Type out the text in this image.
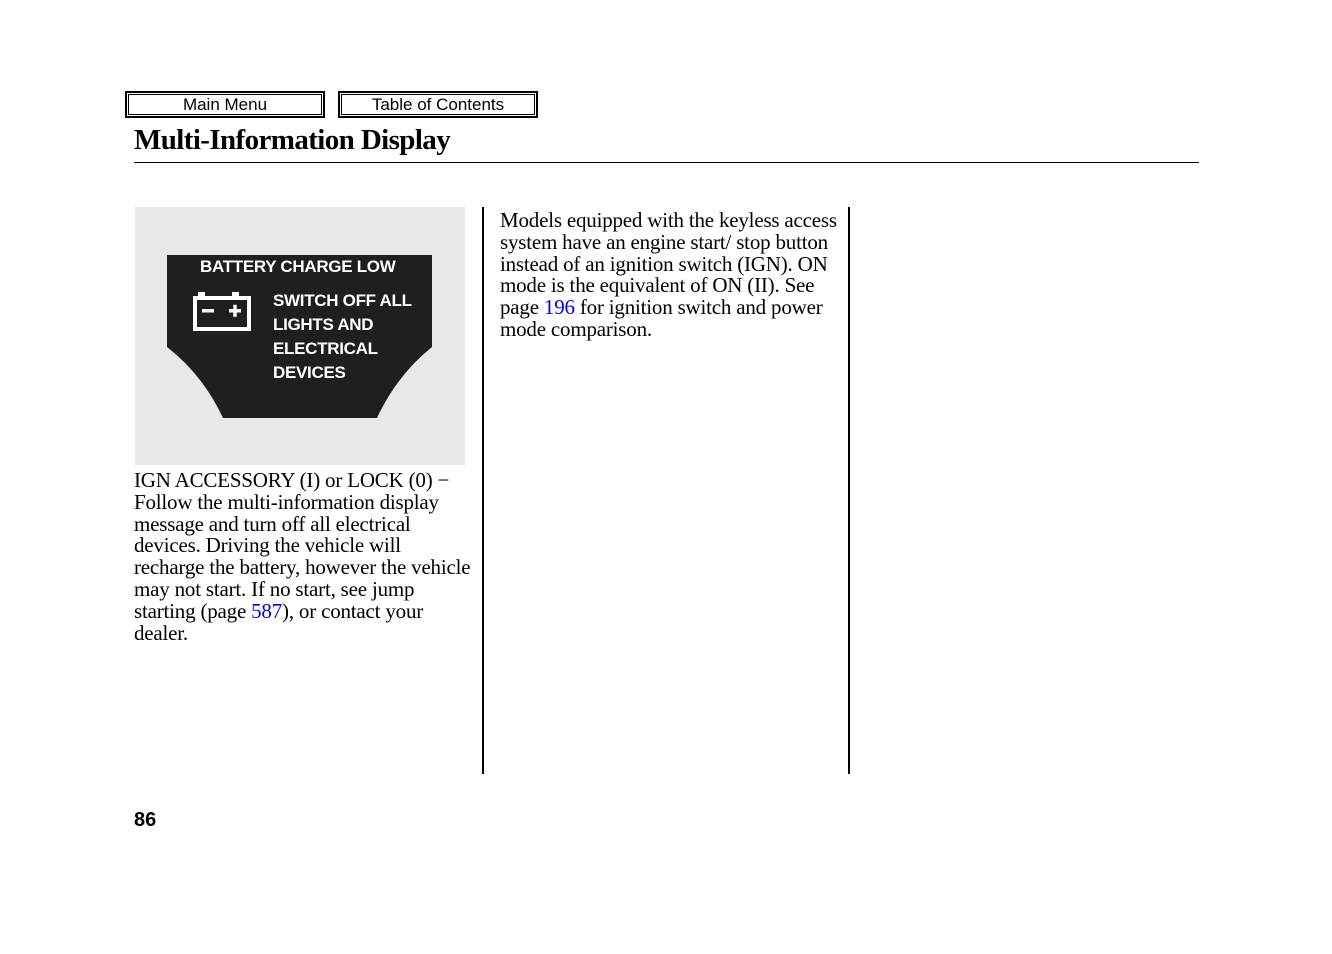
Main Menu	Table of Contents
Multi-Information Display
BATTERY CHARGE LOW
SWITCH OFF ALL
LIGHTS AND
ELECTRICAL
DEVICES

IGN ACCESSORY (I) or LOCK (0) − Follow the multi-information display message and turn off all electrical devices. Driving the vehicle will recharge the battery, however the vehicle may not start. If no start, see jump starting (page 587), or contact your dealer.

Models equipped with the keyless access system have an engine start/ stop button instead of an ignition switch (IGN). ON mode is the equivalent of ON (II). See page 196 for ignition switch and power mode comparison.

86
